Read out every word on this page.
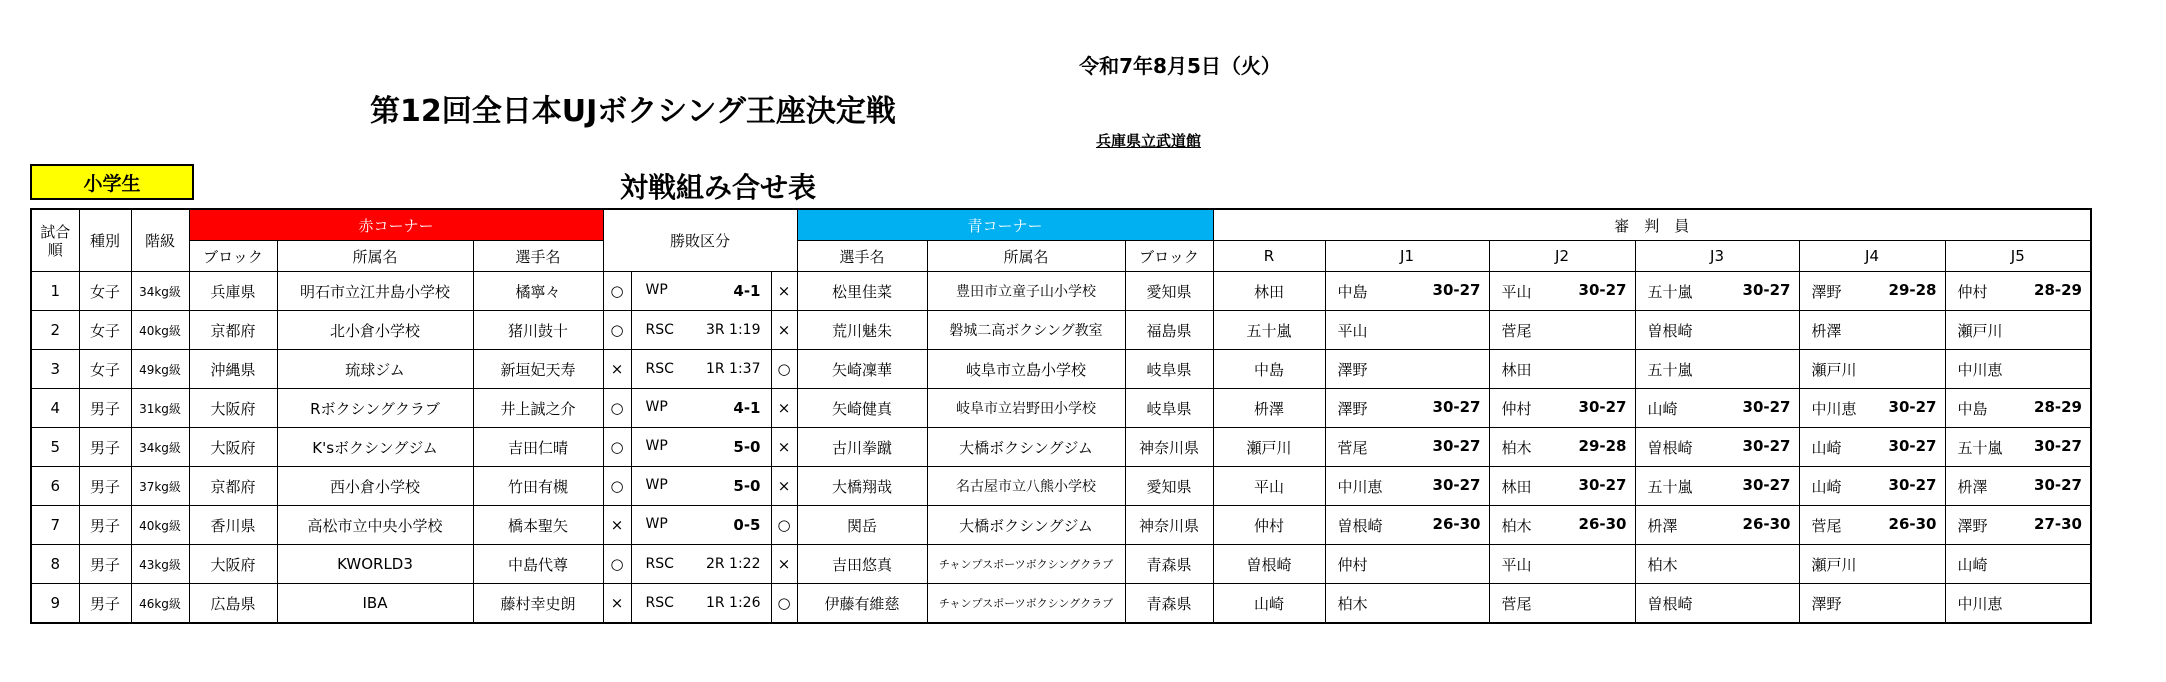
令和7年8月5日（火）
第12回全日本UJボクシング王座決定戦
兵庫県立武道館
小学生	対戦組み合せ表
試合順	種別	階級	赤コーナー			勝敗区分			青コーナー			審　判　員					
			ブロック	所属名	選手名				選手名	所属名	ブロック	R	J1	J2	J3	J4	J5
1	女子	34kg級	兵庫県	明石市立江井島小学校	橘寧々	○	WP 4-1	×	松里佳菜	豊田市立童子山小学校	愛知県	林田	中島 30-27	平山 30-27	五十嵐 30-27	澤野 29-28	仲村 28-29

2	女子	40kg級	京都府	北小倉小学校	猪川鼓十	○	RSC 3R 1:19	×	荒川魅朱	磐城二高ボクシング教室	福島県	五十嵐	平山	菅尾	曽根崎	枡澤	瀬戸川

3	女子	49kg級	沖縄県	琉球ジム	新垣妃天寿	×	RSC 1R 1:37	○	矢崎凜華	岐阜市立島小学校	岐阜県	中島	澤野	林田	五十嵐	瀬戸川	中川恵

4	男子	31kg級	大阪府	Rボクシングクラブ	井上誠之介	○	WP 4-1	×	矢崎健真	岐阜市立岩野田小学校	岐阜県	枡澤	澤野 30-27	仲村 30-27	山崎 30-27	中川恵 30-27	中島 28-29

5	男子	34kg級	大阪府	K'sボクシングジム	吉田仁晴	○	WP 5-0	×	古川拳蹴	大橋ボクシングジム	神奈川県	瀬戸川	菅尾 30-27	柏木 29-28	曽根崎 30-27	山崎 30-27	五十嵐 30-27

6	男子	37kg級	京都府	西小倉小学校	竹田有槻	○	WP 5-0	×	大橋翔哉	名古屋市立八熊小学校	愛知県	平山	中川恵 30-27	林田 30-27	五十嵐 30-27	山崎 30-27	枡澤 30-27

7	男子	40kg級	香川県	高松市立中央小学校	橋本聖矢	×	WP 0-5	○	関岳	大橋ボクシングジム	神奈川県	仲村	曽根崎 26-30	柏木 26-30	枡澤 26-30	菅尾 26-30	澤野 27-30

8	男子	43kg級	大阪府	KWORLD3	中島代尊	○	RSC 2R 1:22	×	吉田悠真	チャンプスポーツボクシングクラブ	青森県	曽根崎	仲村	平山	柏木	瀬戸川	山崎

9	男子	46kg級	広島県	IBA	藤村幸史朗	×	RSC 1R 1:26	○	伊藤有維慈	チャンプスポーツボクシングクラブ	青森県	山崎	柏木	菅尾	曽根崎	澤野	中川恵
